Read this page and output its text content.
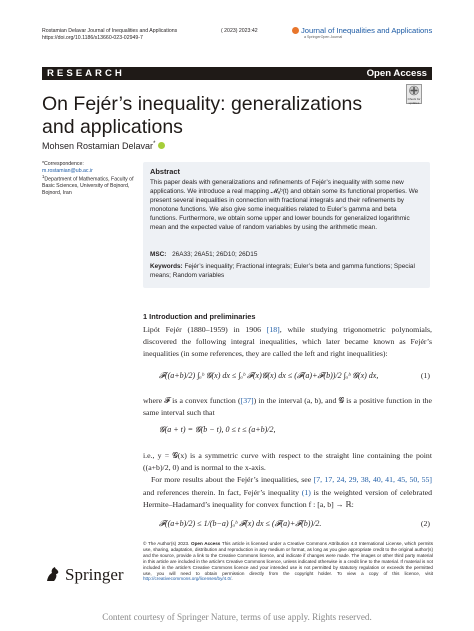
Rostamian Delavar Journal of Inequalities and Applications
https://doi.org/10.1186/s13660-023-02949-7
( 2023) 2023:42	Journal of Inequalities and Applications
a SpringerOpen Journal
RESEARCH	Open Access
On Fejér’s inequality: generalizations and applications
Check for updates
Mohsen Rostamian Delavar*
*Correspondence:
m.rostamian@ub.ac.ir
$^1$Department of Mathematics, Faculty of Basic Sciences, University of Bojnord, Bojnord, Iran
Abstract
This paper deals with generalizations and refinements of Fejér’s inequality with some new applications. We introduce a real mapping 𝓜ₐᵇ(t) and obtain some its functional properties. We present several inequalities in connection with fractional integrals and their refinements by monotone functions. We also give some inequalities related to Euler’s gamma and beta functions. Furthermore, we obtain some upper and lower bounds for generalized logarithmic mean and the expected value of random variables by using the arithmetic mean.
MSC: 26A33; 26A51; 26D10; 26D15
Keywords: Fejér’s inequality; Fractional integrals; Euler’s beta and gamma functions; Special means; Random variables
1 Introduction and preliminaries
Lipót Fejér (1880–1959) in 1906 [18], while studying trigonometric polynomials, discovered the following integral inequalities, which later became known as Fejér’s inequalities (in some references, they are called the left and right inequalities):
𝓕((a+b)/2) ∫ₐᵇ 𝓖(x) dx ≤ ∫ₐᵇ 𝓕(x)𝓖(x) dx ≤ (𝓕(a)+𝓕(b))/2 ∫ₐᵇ 𝓖(x) dx,	(1)
where 𝓕 is a convex function ([37]) in the interval (a, b), and 𝓖 is a positive function in the same interval such that
𝓖(a + t) = 𝓖(b − t), 0 ≤ t ≤ (a+b)/2,
i.e., y = 𝓖(x) is a symmetric curve with respect to the straight line containing the point ((a+b)/2, 0) and is normal to the x-axis.
For more results about the Fejér’s inequalities, see [7, 17, 24, 29, 38, 40, 41, 45, 50, 55] and references therein. In fact, Fejér’s inequality (1) is the weighted version of celebrated Hermite–Hadamard’s inequality for convex function f : [a, b] → ℝ:
𝓕((a+b)/2) ≤ 1/(b−a) ∫ₐᵇ 𝓕(x) dx ≤ (𝓕(a)+𝓕(b))/2.	(2)
© The Author(s) 2023. Open Access This article is licensed under a Creative Commons Attribution 4.0 International License, which permits use, sharing, adaptation, distribution and reproduction in any medium or format, as long as you give appropriate credit to the original author(s) and the source, provide a link to the Creative Commons licence, and indicate if changes were made. The images or other third party material in this article are included in the article’s Creative Commons licence, unless indicated otherwise in a credit line to the material. If material is not included in the article’s Creative Commons licence and your intended use is not permitted by statutory regulation or exceeds the permitted use, you will need to obtain permission directly from the copyright holder. To view a copy of this licence, visit http://creativecommons.org/licenses/by/4.0/.
Springer
Content courtesy of Springer Nature, terms of use apply. Rights reserved.
